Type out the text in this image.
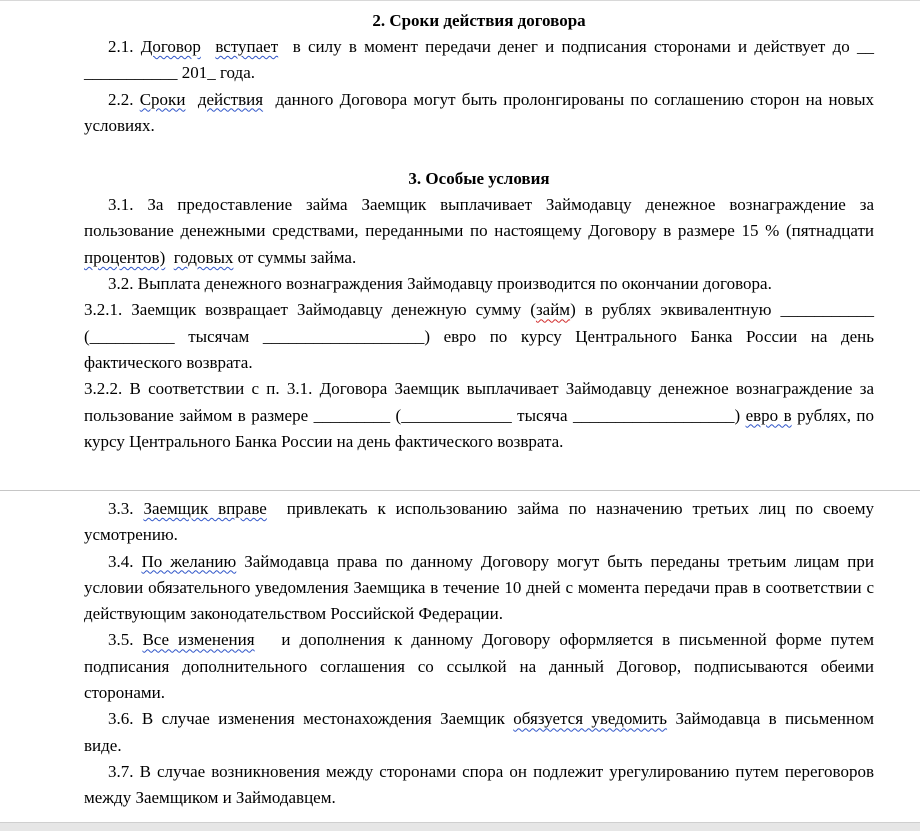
2. Сроки действия договора

2.1. Договор вступает в силу в момент передачи денег и подписания сторонами и действует до __ ___________ 201_ года.

2.2. Сроки действия данного Договора могут быть пролонгированы по соглашению сторон на новых условиях.

3. Особые условия

3.1. За предоставление займа Заемщик выплачивает Займодавцу денежное вознаграждение за пользование денежными средствами, переданными по настоящему Договору в размере 15 % (пятнадцати процентов) годовых от суммы займа.

3.2. Выплата денежного вознаграждения Займодавцу производится по окончании договора.

3.2.1. Заемщик возвращает Займодавцу денежную сумму (займ) в рублях эквивалентную ___________ (__________ тысячам ___________________) евро по курсу Центрального Банка России на день фактического возврата.

3.2.2. В соответствии с п. 3.1. Договора Заемщик выплачивает Займодавцу денежное вознаграждение за пользование займом в размере _________ (_____________ тысяча ___________________) евро в рублях, по курсу Центрального Банка России на день фактического возврата.

3.3. Заемщик вправе привлекать к использованию займа по назначению третьих лиц по своему усмотрению.

3.4. По желанию Займодавца права по данному Договору могут быть переданы третьим лицам при условии обязательного уведомления Заемщика в течение 10 дней с момента передачи прав в соответствии с действующим законодательством Российской Федерации.

3.5. Все изменения и дополнения к данному Договору оформляется в письменной форме путем подписания дополнительного соглашения со ссылкой на данный Договор, подписываются обеими сторонами.

3.6. В случае изменения местонахождения Заемщик обязуется уведомить Займодавца в письменном виде.

3.7. В случае возникновения между сторонами спора он подлежит урегулированию путем переговоров между Заемщиком и Займодавцем.
